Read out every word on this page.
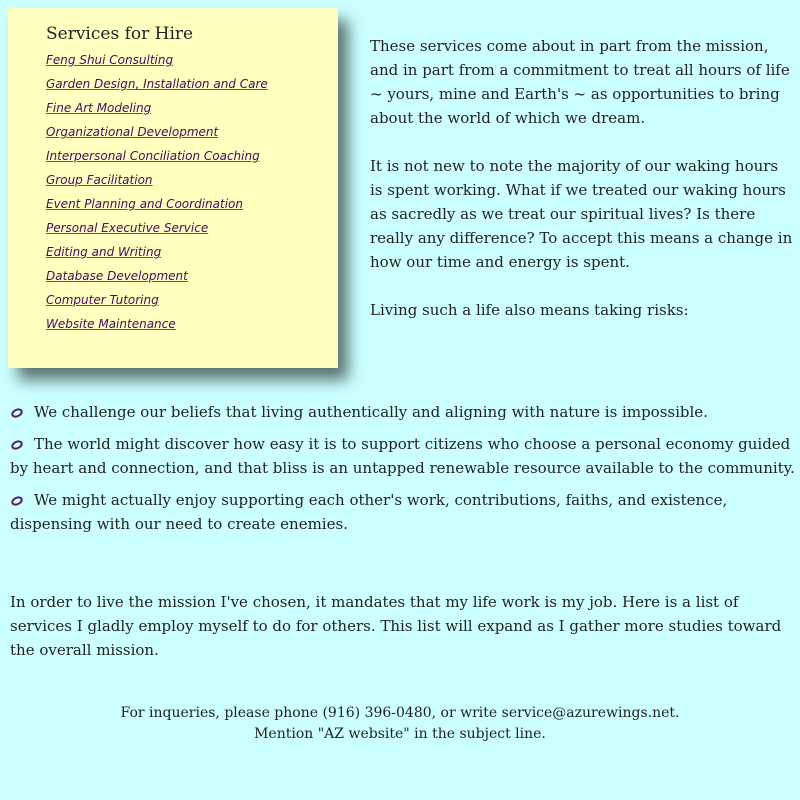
Services for Hire
Feng Shui Consulting
Garden Design, Installation and Care
Fine Art Modeling
Organizational Development
Interpersonal Conciliation Coaching
Group Facilitation
Event Planning and Coordination
Personal Executive Service
Editing and Writing
Database Development
Computer Tutoring
Website Maintenance

These services come about in part from the mission, and in part from a commitment to treat all hours of life ~ yours, mine and Earth's ~ as opportunities to bring about the world of which we dream.

It is not new to note the majority of our waking hours is spent working. What if we treated our waking hours as sacredly as we treat our spiritual lives? Is there really any difference? To accept this means a change in how our time and energy is spent.

Living such a life also means taking risks:

We challenge our beliefs that living authentically and aligning with nature is impossible.
The world might discover how easy it is to support citizens who choose a personal economy guided by heart and connection, and that bliss is an untapped renewable resource available to the community.
We might actually enjoy supporting each other's work, contributions, faiths, and existence, dispensing with our need to create enemies.

In order to live the mission I've chosen, it mandates that my life work is my job. Here is a list of services I gladly employ myself to do for others. This list will expand as I gather more studies toward the overall mission.

For inqueries, please phone (916) 396-0480, or write service@azurewings.net.
Mention "AZ website" in the subject line.
